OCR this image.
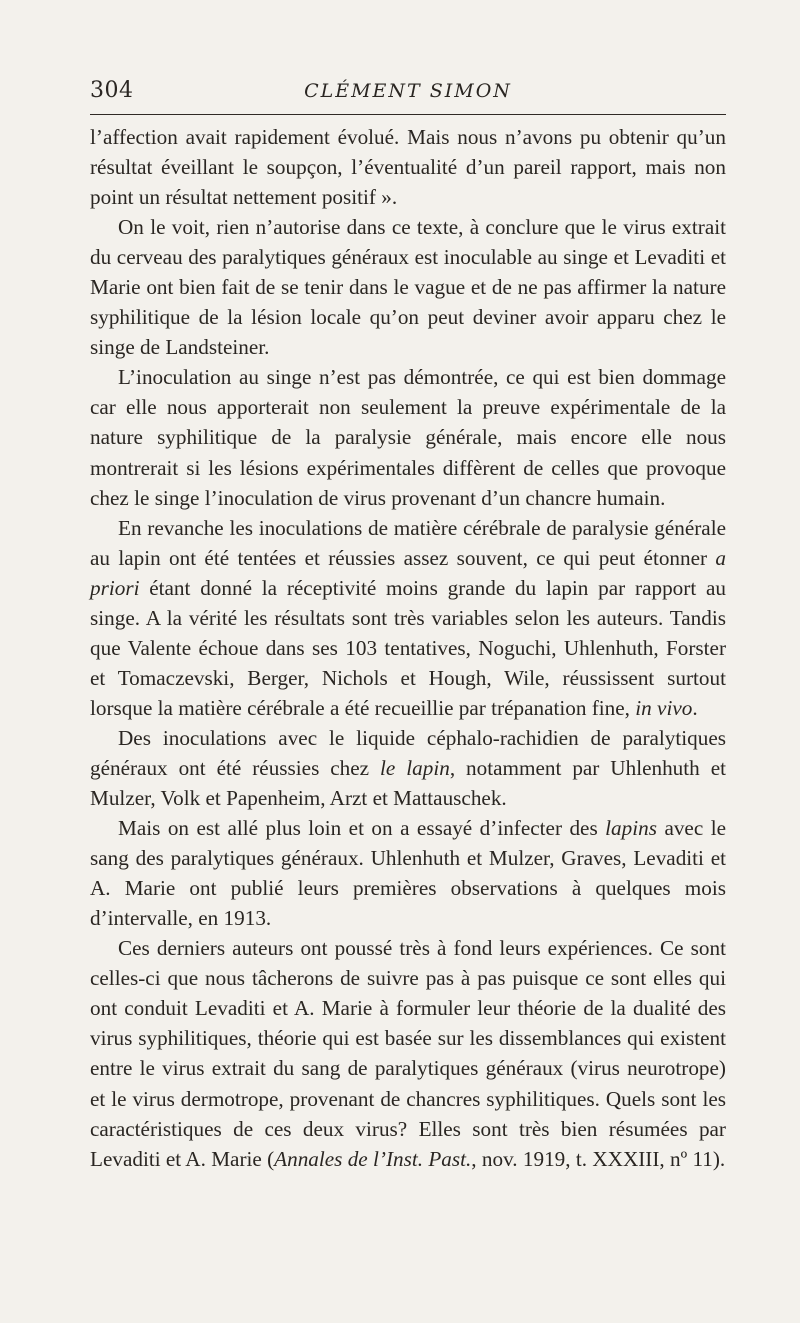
304	CLÉMENT SIMON

l’affection avait rapidement évolué. Mais nous n’avons pu obtenir qu’un résultat éveillant le soupçon, l’éventualité d’un pareil rapport, mais non point un résultat nettement positif ».

On le voit, rien n’autorise dans ce texte, à conclure que le virus extrait du cerveau des paralytiques généraux est inoculable au singe et Levaditi et Marie ont bien fait de se tenir dans le vague et de ne pas affirmer la nature syphilitique de la lésion locale qu’on peut deviner avoir apparu chez le singe de Landsteiner.

L’inoculation au singe n’est pas démontrée, ce qui est bien dommage car elle nous apporterait non seulement la preuve expérimentale de la nature syphilitique de la paralysie générale, mais encore elle nous montrerait si les lésions expérimentales diffèrent de celles que provoque chez le singe l’inoculation de virus provenant d’un chancre humain.

En revanche les inoculations de matière cérébrale de paralysie générale au lapin ont été tentées et réussies assez souvent, ce qui peut étonner a priori étant donné la réceptivité moins grande du lapin par rapport au singe. A la vérité les résultats sont très variables selon les auteurs. Tandis que Valente échoue dans ses 103 tentatives, Noguchi, Uhlenhuth, Forster et Tomaczevski, Berger, Nichols et Hough, Wile, réussissent surtout lorsque la matière cérébrale a été recueillie par trépanation fine, in vivo.

Des inoculations avec le liquide céphalo-rachidien de paralytiques généraux ont été réussies chez le lapin, notamment par Uhlenhuth et Mulzer, Volk et Papenheim, Arzt et Mattauschek.

Mais on est allé plus loin et on a essayé d’infecter des lapins avec le sang des paralytiques généraux. Uhlenhuth et Mulzer, Graves, Levaditi et A. Marie ont publié leurs premières observations à quelques mois d’intervalle, en 1913.

Ces derniers auteurs ont poussé très à fond leurs expériences. Ce sont celles-ci que nous tâcherons de suivre pas à pas puisque ce sont elles qui ont conduit Levaditi et A. Marie à formuler leur théorie de la dualité des virus syphilitiques, théorie qui est basée sur les dissemblances qui existent entre le virus extrait du sang de paralytiques généraux (virus neurotrope) et le virus dermotrope, provenant de chancres syphilitiques. Quels sont les caractéristiques de ces deux virus? Elles sont très bien résumées par Levaditi et A. Marie (Annales de l’Inst. Past., nov. 1919, t. XXXIII, nº 11).
